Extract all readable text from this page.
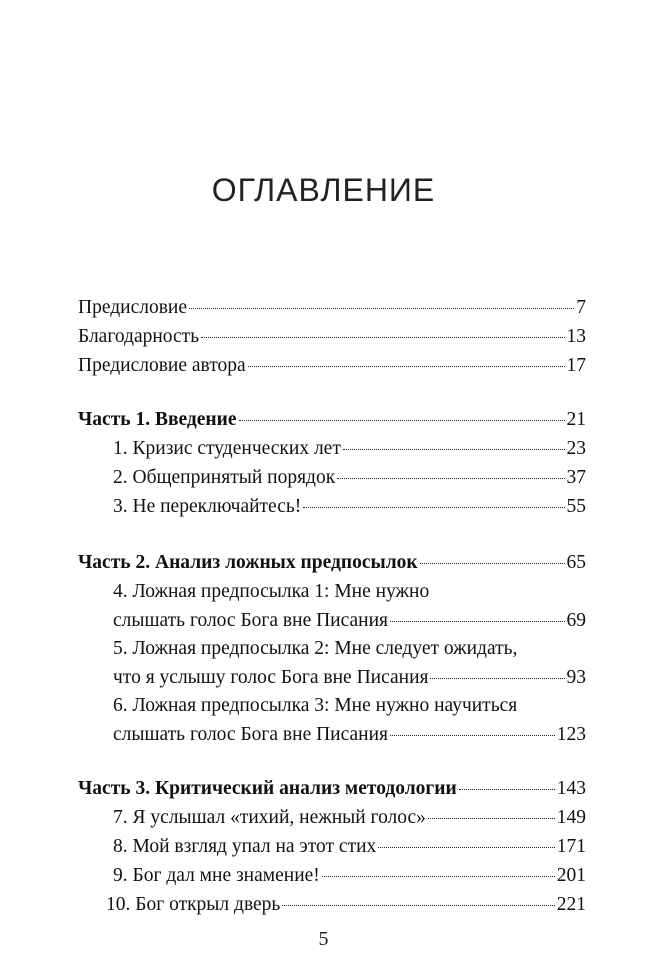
ОГЛАВЛЕНИЕ
Предисловие	7
Благодарность	13
Предисловие автора	17
Часть 1. Введение	21
1. Кризис студенческих лет	23
2. Общепринятый порядок	37
3. Не переключайтесь!	55
Часть 2. Анализ ложных предпосылок	65
4. Ложная предпосылка 1: Мне нужно
слышать голос Бога вне Писания	69
5. Ложная предпосылка 2: Мне следует ожидать,
что я услышу голос Бога вне Писания	93
6. Ложная предпосылка 3: Мне нужно научиться
слышать голос Бога вне Писания	123
Часть 3. Критический анализ методологии	143
7. Я услышал «тихий, нежный голос»	149
8. Мой взгляд упал на этот стих	171
9. Бог дал мне знамение!	201
10. Бог открыл дверь	221
5
